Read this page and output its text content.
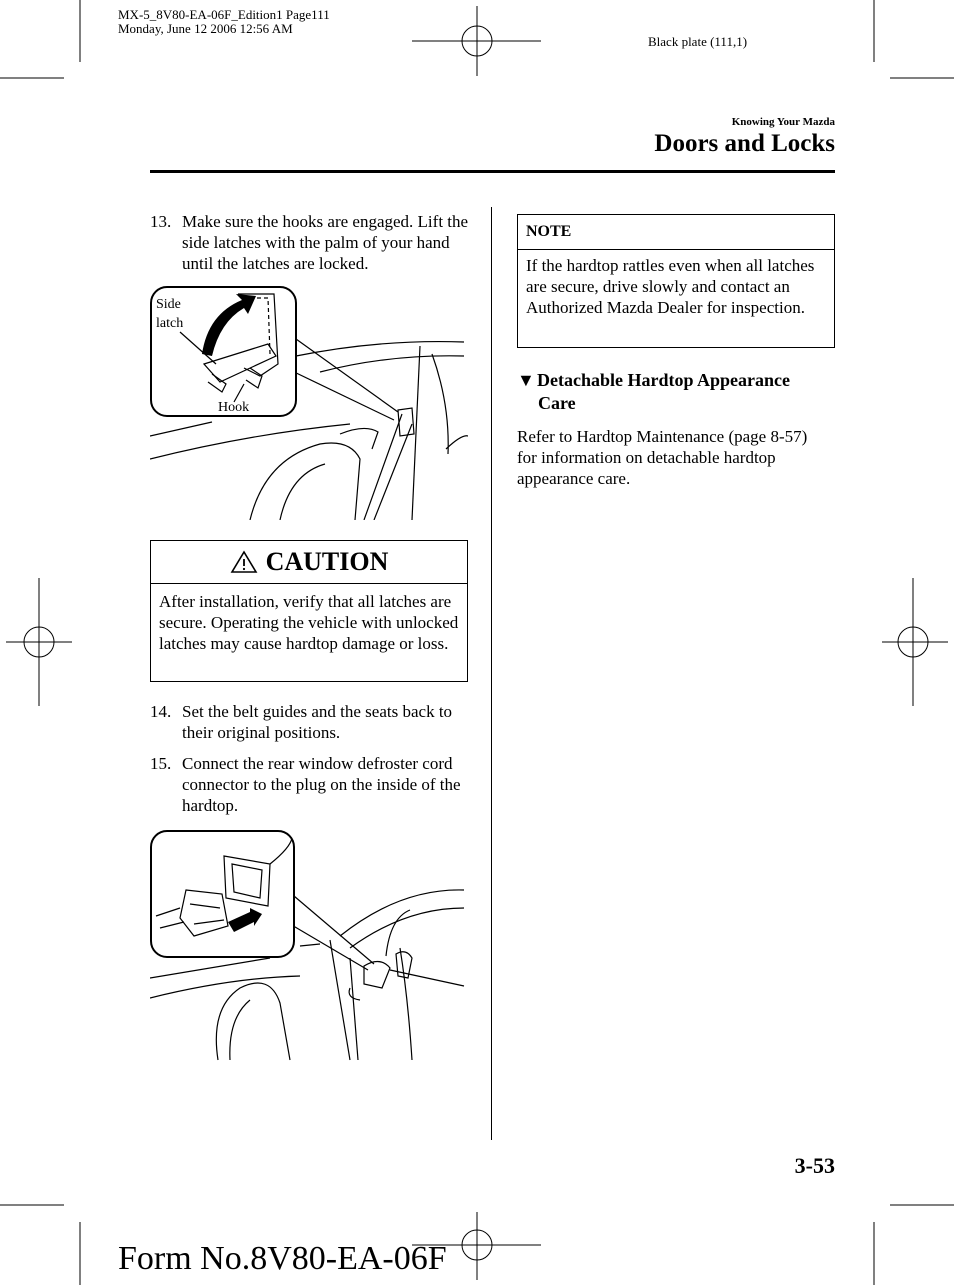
MX-5_8V80-EA-06F_Edition1 Page111
Monday, June 12 2006 12:56 AM
Black plate (111,1)
Knowing Your Mazda
Doors and Locks
13. Make sure the hooks are engaged. Lift the side latches with the palm of your hand until the latches are locked.
Side
latch
Hook
CAUTION
After installation, verify that all latches are secure. Operating the vehicle with unlocked latches may cause hardtop damage or loss.
14. Set the belt guides and the seats back to their original positions.
15. Connect the rear window defroster cord connector to the plug on the inside of the hardtop.
NOTE
If the hardtop rattles even when all latches are secure, drive slowly and contact an Authorized Mazda Dealer for inspection.
▼ Detachable Hardtop Appearance
Care
Refer to Hardtop Maintenance (page 8-57) for information on detachable hardtop appearance care.
3-53
Form No.8V80-EA-06F
